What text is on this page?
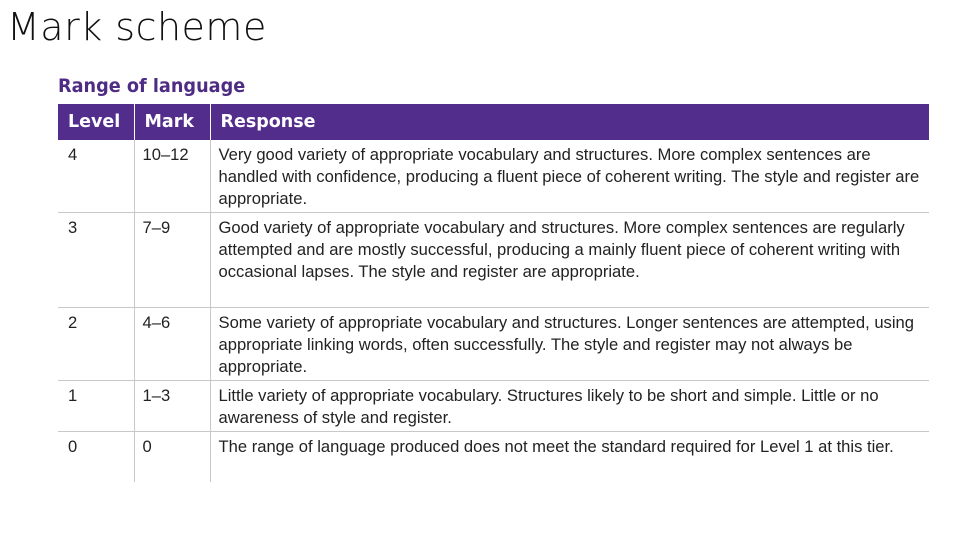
Mark scheme
Range of language
Level	Mark	Response
4	10–12	Very good variety of appropriate vocabulary and structures. More complex sentences are handled with confidence, producing a fluent piece of coherent writing. The style and register are appropriate.
3	7–9	Good variety of appropriate vocabulary and structures. More complex sentences are regularly attempted and are mostly successful, producing a mainly fluent piece of coherent writing with occasional lapses. The style and register are appropriate.
2	4–6	Some variety of appropriate vocabulary and structures. Longer sentences are attempted, using appropriate linking words, often successfully. The style and register may not always be appropriate.
1	1–3	Little variety of appropriate vocabulary. Structures likely to be short and simple. Little or no awareness of style and register.
0	0	The range of language produced does not meet the standard required for Level 1 at this tier.
